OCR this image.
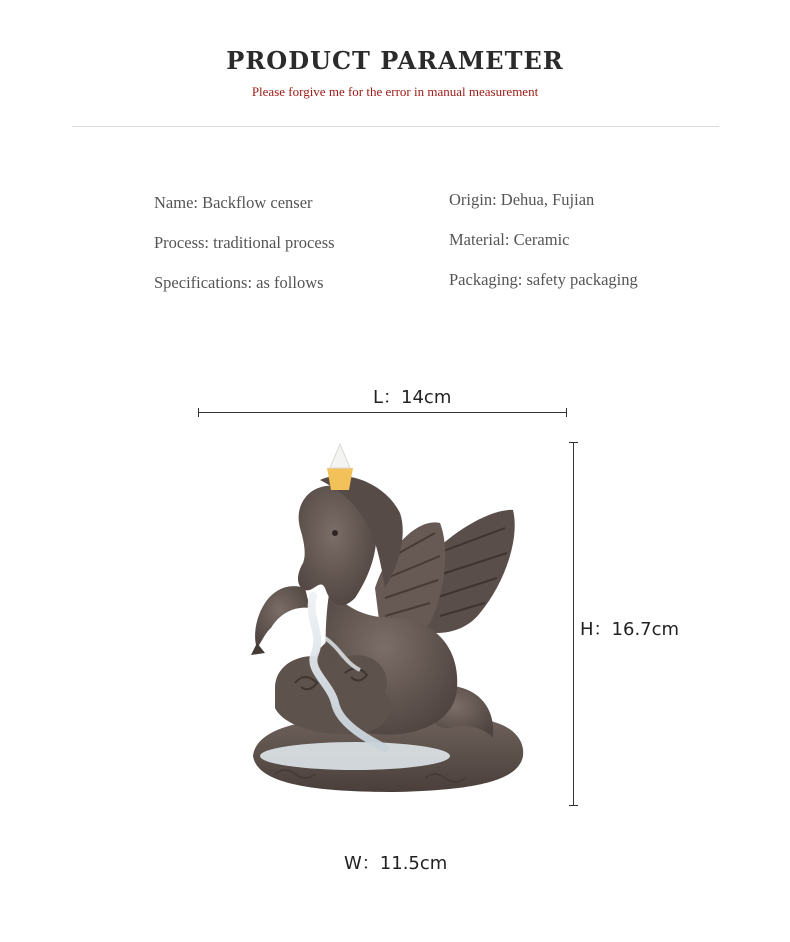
PRODUCT PARAMETER
Please forgive me for the error in manual measurement
Name: Backflow censer
Process: traditional process
Specifications: as follows
Origin: Dehua, Fujian
Material: Ceramic
Packaging: safety packaging
L：14cm
H：16.7cm
W：11.5cm
